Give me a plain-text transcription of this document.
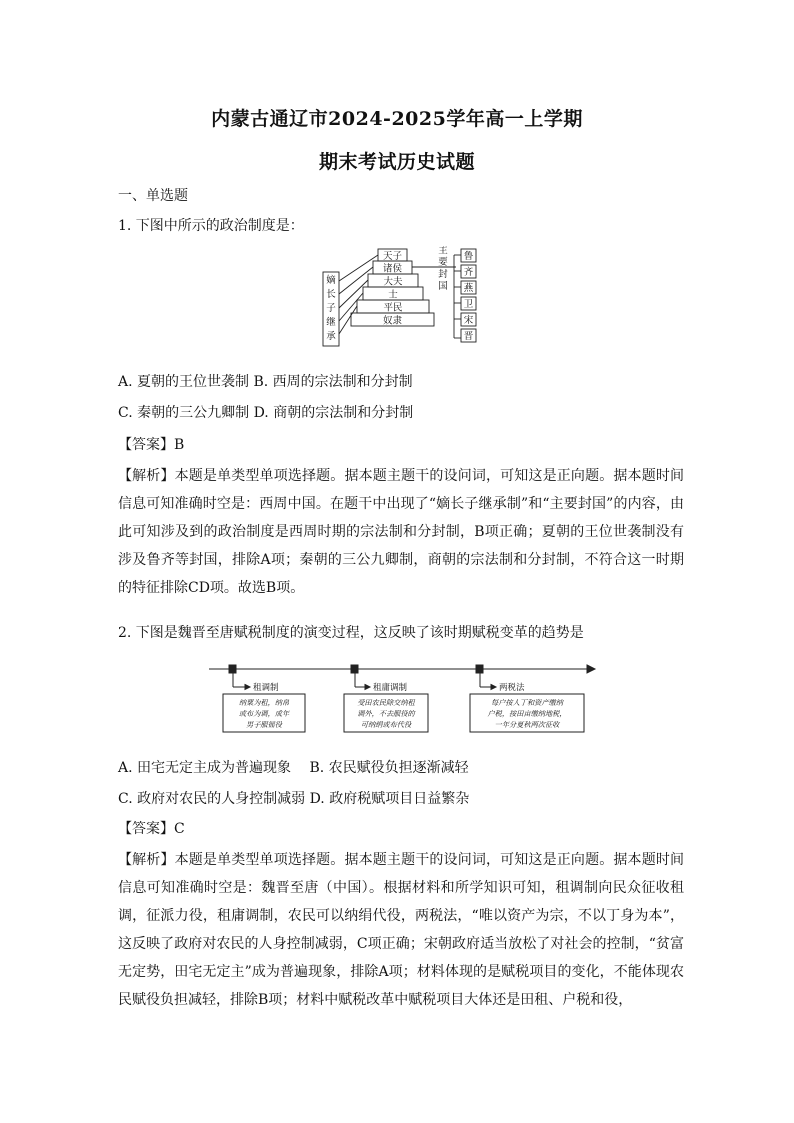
内蒙古通辽市2024-2025学年高一上学期
期末考试历史试题
一、单选题
1. 下图中所示的政治制度是：
嫡
长
子
继
承
天子
诸侯
大夫
士
平民
奴隶
主
要
封
国
鲁
齐
燕
卫
宋
晋
A. 夏朝的王位世袭制 B. 西周的宗法制和分封制
C. 秦朝的三公九卿制 D. 商朝的宗法制和分封制
【答案】B
【解析】本题是单类型单项选择题。据本题主题干的设问词，可知这是正向题。据本题时间信息可知准确时空是：西周中国。在题干中出现了“嫡长子继承制”和“主要封国”的内容，由此可知涉及到的政治制度是西周时期的宗法制和分封制，B项正确；夏朝的王位世袭制没有涉及鲁齐等封国，排除A项；秦朝的三公九卿制，商朝的宗法制和分封制，不符合这一时期的特征排除CD项。故选B项。
2. 下图是魏晋至唐赋税制度的演变过程，这反映了该时期赋税变革的趋势是
租调制	租庸调制	两税法
纳粟为租，纳帛
或布为调，成年
男子服徭役
受田农民除交纳租
调外，不去服役的
可纳绢或布代役
每户按人丁和资产缴纳
户税，按田亩缴纳地税，
一年分夏秋两次征收
A. 田宅无定主成为普遍现象　 B. 农民赋役负担逐渐减轻
C. 政府对农民的人身控制减弱 D. 政府税赋项目日益繁杂
【答案】C
【解析】本题是单类型单项选择题。据本题主题干的设问词，可知这是正向题。据本题时间信息可知准确时空是：魏晋至唐（中国）。根据材料和所学知识可知，租调制向民众征收租调，征派力役，租庸调制，农民可以纳绢代役，两税法，“唯以资产为宗，不以丁身为本”，这反映了政府对农民的人身控制减弱，C项正确；宋朝政府适当放松了对社会的控制，“贫富无定势，田宅无定主”成为普遍现象，排除A项；材料体现的是赋税项目的变化，不能体现农民赋役负担减轻，排除B项；材料中赋税改革中赋税项目大体还是田租、户税和役，
